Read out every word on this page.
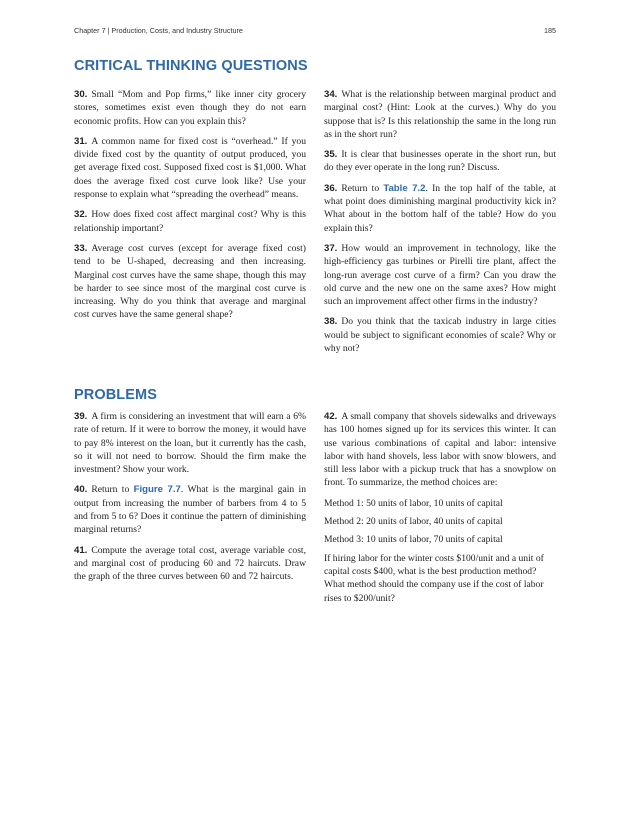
Chapter 7 | Production, Costs, and Industry Structure	185
CRITICAL THINKING QUESTIONS

30. Small “Mom and Pop firms,” like inner city grocery stores, sometimes exist even though they do not earn economic profits. How can you explain this?

31. A common name for fixed cost is “overhead.” If you divide fixed cost by the quantity of output produced, you get average fixed cost. Supposed fixed cost is $1,000. What does the average fixed cost curve look like? Use your response to explain what “spreading the overhead” means.

32. How does fixed cost affect marginal cost? Why is this relationship important?

33. Average cost curves (except for average fixed cost) tend to be U-shaped, decreasing and then increasing. Marginal cost curves have the same shape, though this may be harder to see since most of the marginal cost curve is increasing. Why do you think that average and marginal cost curves have the same general shape?

34. What is the relationship between marginal product and marginal cost? (Hint: Look at the curves.) Why do you suppose that is? Is this relationship the same in the long run as in the short run?

35. It is clear that businesses operate in the short run, but do they ever operate in the long run? Discuss.

36. Return to Table 7.2. In the top half of the table, at what point does diminishing marginal productivity kick in? What about in the bottom half of the table? How do you explain this?

37. How would an improvement in technology, like the high-efficiency gas turbines or Pirelli tire plant, affect the long-run average cost curve of a firm? Can you draw the old curve and the new one on the same axes? How might such an improvement affect other firms in the industry?

38. Do you think that the taxicab industry in large cities would be subject to significant economies of scale? Why or why not?

PROBLEMS

39. A firm is considering an investment that will earn a 6% rate of return. If it were to borrow the money, it would have to pay 8% interest on the loan, but it currently has the cash, so it will not need to borrow. Should the firm make the investment? Show your work.

40. Return to Figure 7.7. What is the marginal gain in output from increasing the number of barbers from 4 to 5 and from 5 to 6? Does it continue the pattern of diminishing marginal returns?

41. Compute the average total cost, average variable cost, and marginal cost of producing 60 and 72 haircuts. Draw the graph of the three curves between 60 and 72 haircuts.

42. A small company that shovels sidewalks and driveways has 100 homes signed up for its services this winter. It can use various combinations of capital and labor: intensive labor with hand shovels, less labor with snow blowers, and still less labor with a pickup truck that has a snowplow on front. To summarize, the method choices are:

Method 1: 50 units of labor, 10 units of capital

Method 2: 20 units of labor, 40 units of capital

Method 3: 10 units of labor, 70 units of capital

If hiring labor for the winter costs $100/unit and a unit of capital costs $400, what is the best production method? What method should the company use if the cost of labor rises to $200/unit?
